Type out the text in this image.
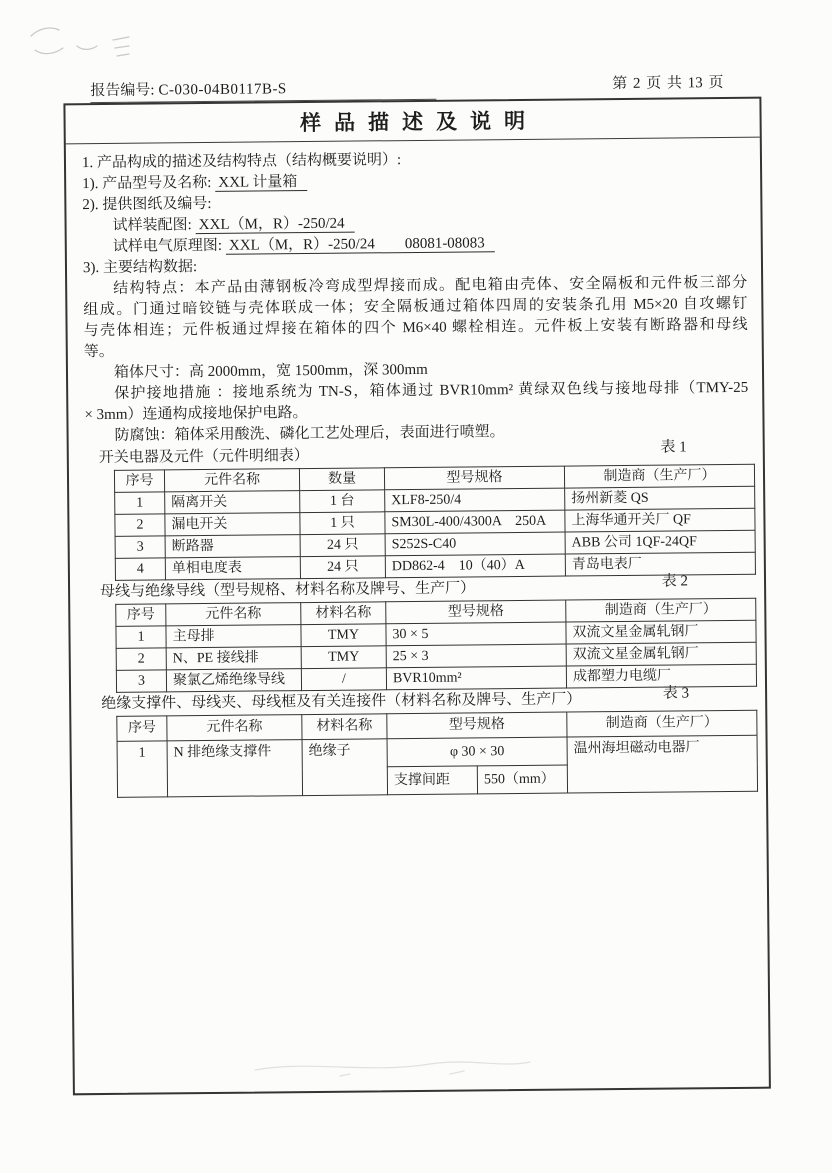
报告编号: C-030-04B0117B-S	第 2 页 共 13 页
样品描述及说明
1. 产品构成的描述及结构特点（结构概要说明）:
1). 产品型号及名称: XXL 计量箱
2). 提供图纸及编号:
试样装配图: XXL（M，R）-250/24
试样电气原理图: XXL（M，R）-250/24　　08081-08083
3). 主要结构数据:
结构特点：本产品由薄钢板冷弯成型焊接而成。配电箱由壳体、安全隔板和元件板三部分
组成。门通过暗铰链与壳体联成一体；安全隔板通过箱体四周的安装条孔用 M5×20 自攻螺钉
与壳体相连；元件板通过焊接在箱体的四个 M6×40 螺栓相连。元件板上安装有断路器和母线
等。
箱体尺寸：高 2000mm，宽 1500mm，深 300mm
保护接地措施 ：接地系统为 TN-S，箱体通过 BVR10mm² 黄绿双色线与接地母排（TMY-25
× 3mm）连通构成接地保护电路。
防腐蚀：箱体采用酸洗、磷化工艺处理后，表面进行喷塑。
开关电器及元件（元件明细表）
表 1
序号	元件名称	数量	型号规格	制造商（生产厂）
1	隔离开关	1 台	XLF8-250/4	扬州新菱 QS
2	漏电开关	1 只	SM30L-400/4300A　250A	上海华通开关厂 QF
3	断路器	24 只	S252S-C40	ABB 公司 1QF-24QF
4	单相电度表	24 只	DD862-4　10（40）A	青岛电表厂
母线与绝缘导线（型号规格、材料名称及牌号、生产厂）	表 2
序号	元件名称	材料名称	型号规格	制造商（生产厂）
1	主母排	TMY	30 × 5	双流文星金属轧钢厂
2	N、PE 接线排	TMY	25 × 3	双流文星金属轧钢厂
3	聚氯乙烯绝缘导线	/	BVR10mm²	成都塑力电缆厂
绝缘支撑件、母线夹、母线框及有关连接件（材料名称及牌号、生产厂）	表 3
序号	元件名称	材料名称	型号规格		制造商（生产厂）
1	N 排绝缘支撑件	绝缘子	φ 30 × 30		温州海坦磁动电器厂
			支撑间距	550（mm）	
